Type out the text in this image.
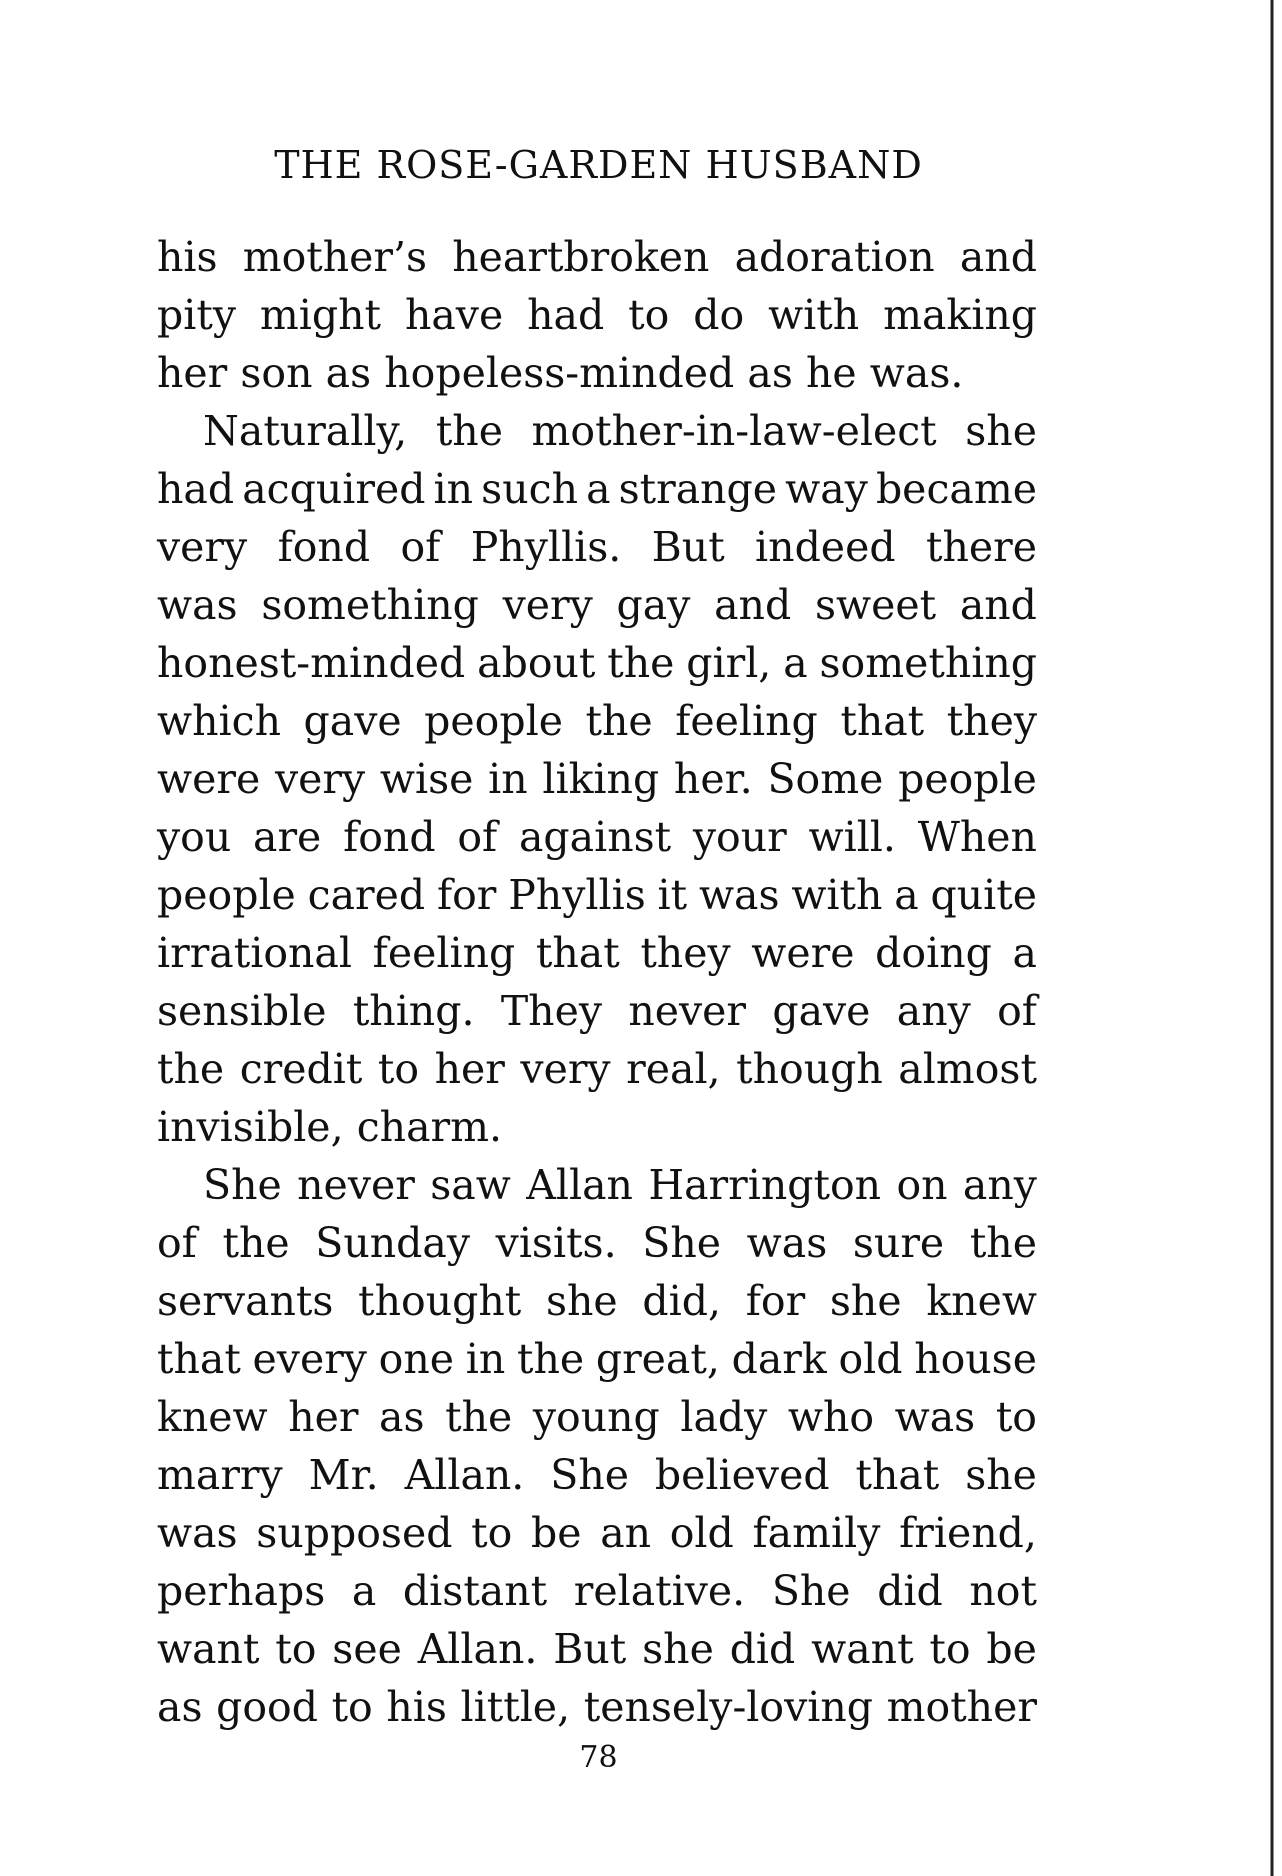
THE ROSE-GARDEN HUSBAND
his mother’s heartbroken adoration and
pity might have had to do with making
her son as hopeless-minded as he was.
Naturally, the mother-in-law-elect she
had acquired in such a strange way became
very fond of Phyllis. But indeed there
was something very gay and sweet and
honest-minded about the girl, a something
which gave people the feeling that they
were very wise in liking her. Some people
you are fond of against your will. When
people cared for Phyllis it was with a quite
irrational feeling that they were doing a
sensible thing. They never gave any of
the credit to her very real, though almost
invisible, charm.
She never saw Allan Harrington on any
of the Sunday visits. She was sure the
servants thought she did, for she knew
that every one in the great, dark old house
knew her as the young lady who was to
marry Mr. Allan. She believed that she
was supposed to be an old family friend,
perhaps a distant relative. She did not
want to see Allan. But she did want to be
as good to his little, tensely-loving mother
78
